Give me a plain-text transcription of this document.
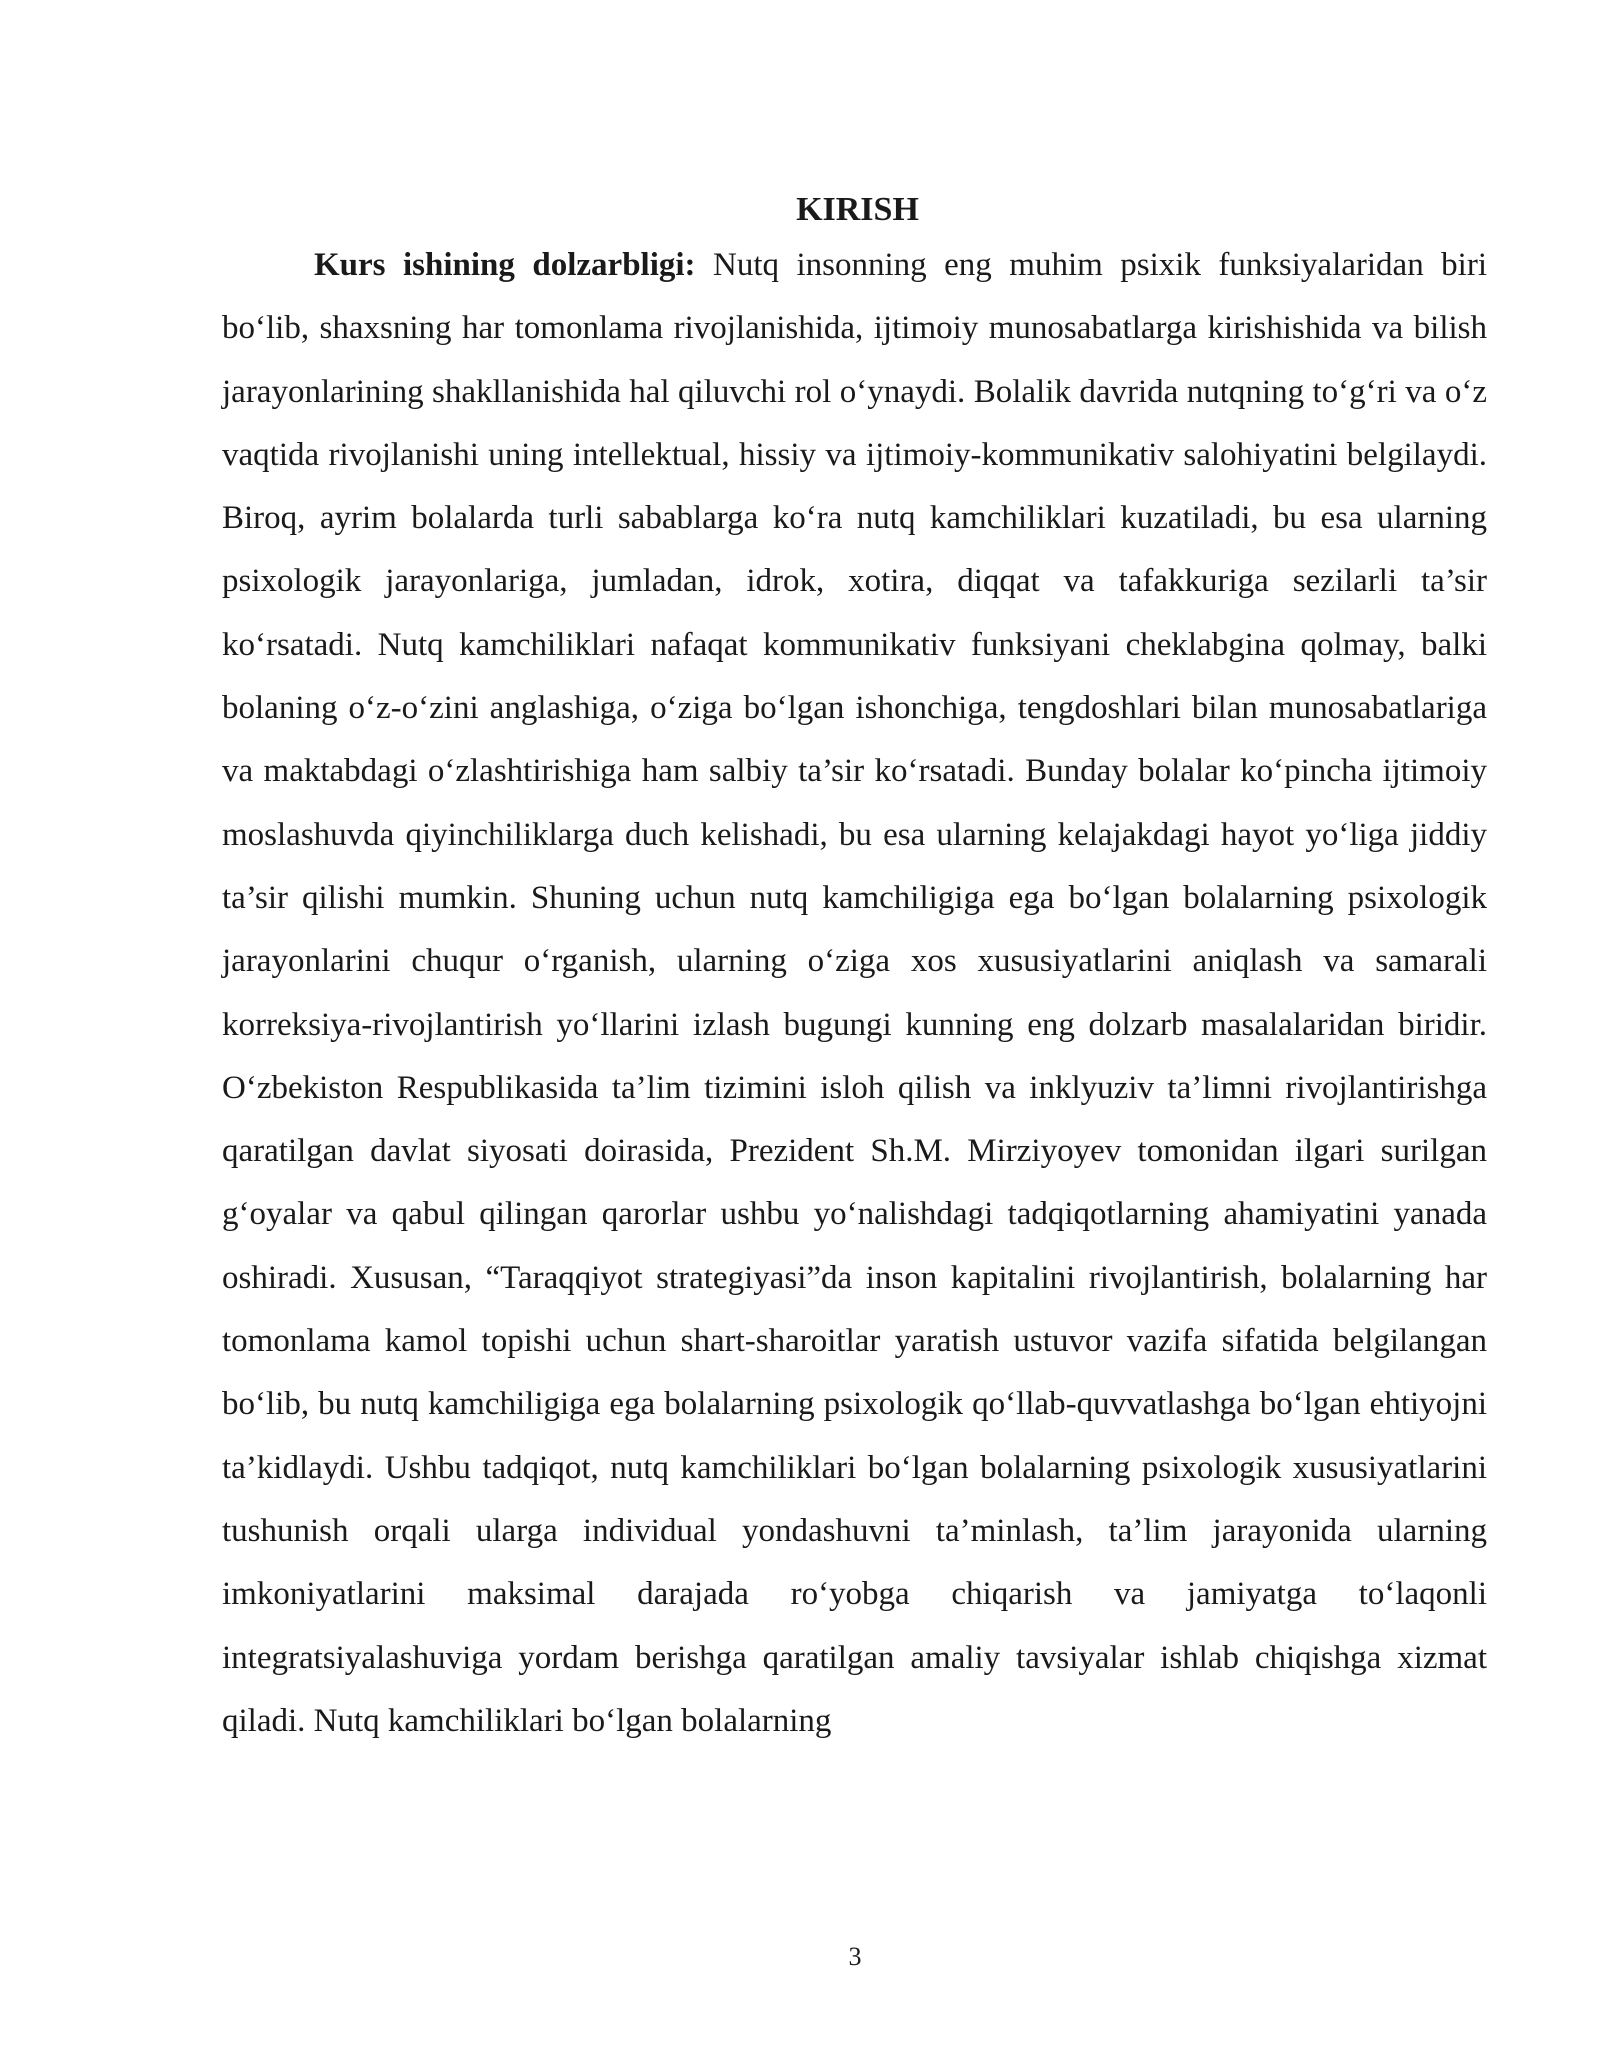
KIRISH

Kurs ishining dolzarbligi: Nutq insonning eng muhim psixik funksiyalaridan biri bo‘lib, shaxsning har tomonlama rivojlanishida, ijtimoiy munosabatlarga kirishishida va bilish jarayonlarining shakllanishida hal qiluvchi rol o‘ynaydi. Bolalik davrida nutqning to‘g‘ri va o‘z vaqtida rivojlanishi uning intellektual, hissiy va ijtimoiy-kommunikativ salohiyatini belgilaydi. Biroq, ayrim bolalarda turli sabablarga ko‘ra nutq kamchiliklari kuzatiladi, bu esa ularning psixologik jarayonlariga, jumladan, idrok, xotira, diqqat va tafakkuriga sezilarli ta’sir ko‘rsatadi. Nutq kamchiliklari nafaqat kommunikativ funksiyani cheklabgina qolmay, balki bolaning o‘z-o‘zini anglashiga, o‘ziga bo‘lgan ishonchiga, tengdoshlari bilan munosabatlariga va maktabdagi o‘zlashtirishiga ham salbiy ta’sir ko‘rsatadi. Bunday bolalar ko‘pincha ijtimoiy moslashuvda qiyinchiliklarga duch kelishadi, bu esa ularning kelajakdagi hayot yo‘liga jiddiy ta’sir qilishi mumkin. Shuning uchun nutq kamchiligiga ega bo‘lgan bolalarning psixologik jarayonlarini chuqur o‘rganish, ularning o‘ziga xos xususiyatlarini aniqlash va samarali korreksiya-rivojlantirish yo‘llarini izlash bugungi kunning eng dolzarb masalalaridan biridir. O‘zbekiston Respublikasida ta’lim tizimini isloh qilish va inklyuziv ta’limni rivojlantirishga qaratilgan davlat siyosati doirasida, Prezident Sh.M. Mirziyoyev tomonidan ilgari surilgan g‘oyalar va qabul qilingan qarorlar ushbu yo‘nalishdagi tadqiqotlarning ahamiyatini yanada oshiradi. Xususan, “Taraqqiyot strategiyasi”da inson kapitalini rivojlantirish, bolalarning har tomonlama kamol topishi uchun shart-sharoitlar yaratish ustuvor vazifa sifatida belgilangan bo‘lib, bu nutq kamchiligiga ega bolalarning psixologik qo‘llab-quvvatlashga bo‘lgan ehtiyojni ta’kidlaydi. Ushbu tadqiqot, nutq kamchiliklari bo‘lgan bolalarning psixologik xususiyatlarini tushunish orqali ularga individual yondashuvni ta’minlash, ta’lim jarayonida ularning imkoniyatlarini maksimal darajada ro‘yobga chiqarish va jamiyatga to‘laqonli integratsiyalashuviga yordam berishga qaratilgan amaliy tavsiyalar ishlab chiqishga xizmat qiladi. Nutq kamchiliklari bo‘lgan bolalarning

3
